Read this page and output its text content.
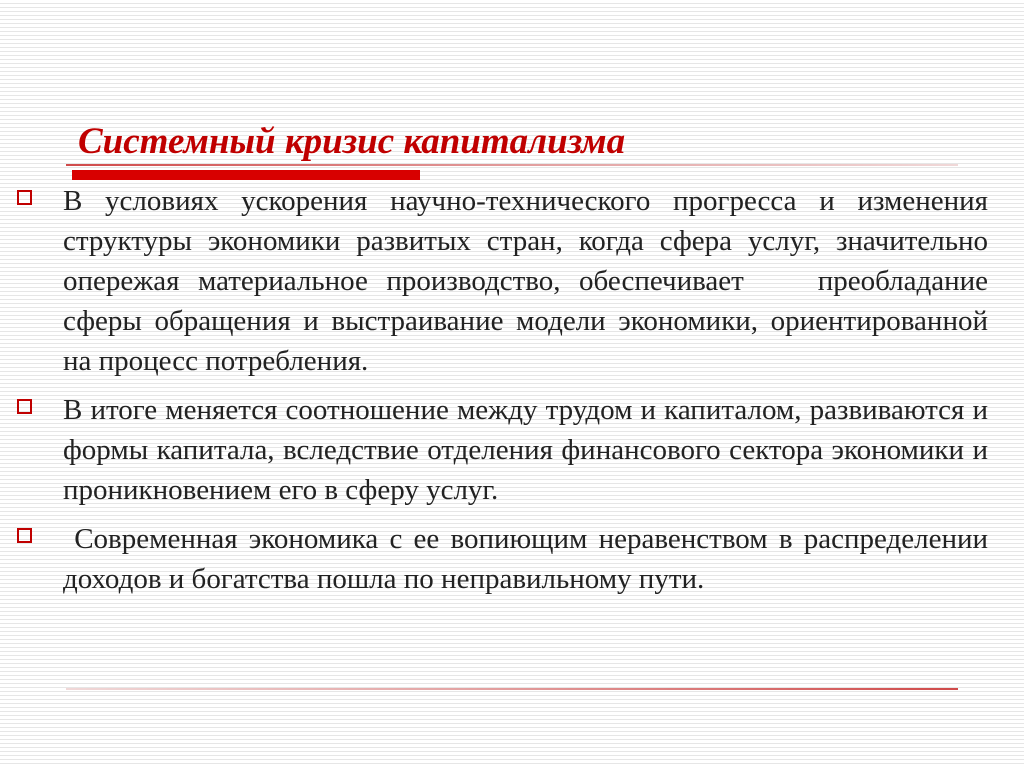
Системный кризис капитализма
В условиях ускорения научно-технического прогресса и изменения структуры экономики развитых стран, когда сфера услуг, значительно опережая материальное производство, обеспечивает    преобладание    сферы обращения и выстраивание модели экономики, ориентированной на процесс потребления.
В итоге меняется соотношение между трудом и капиталом, развиваются и формы капитала, вследствие отделения финансового сектора экономики и проникновением его в сферу услуг.
Современная экономика с ее вопиющим неравенством в распределении  доходов и богатства пошла по неправильному пути.
